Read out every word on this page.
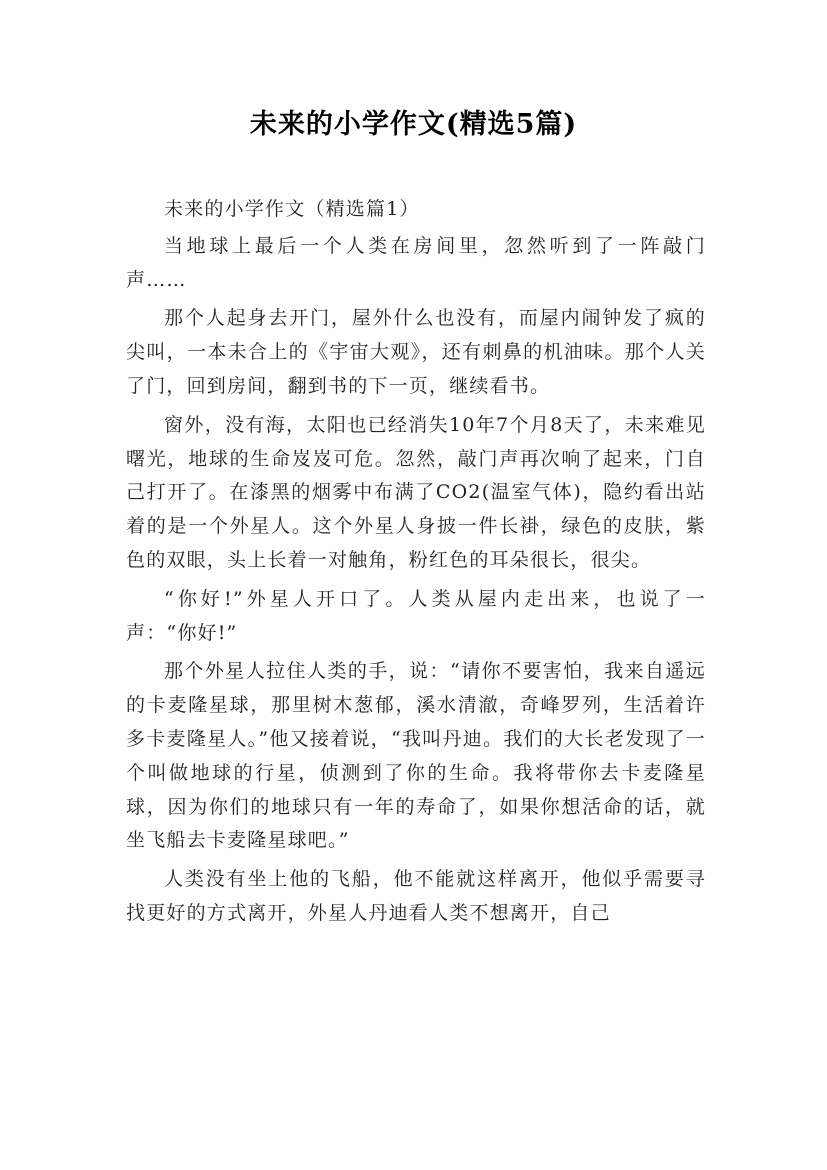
未来的小学作文(精选5篇)

未来的小学作文（精选篇1）

当地球上最后一个人类在房间里，忽然听到了一阵敲门声……

那个人起身去开门，屋外什么也没有，而屋内闹钟发了疯的尖叫，一本未合上的《宇宙大观》，还有刺鼻的机油味。那个人关了门，回到房间，翻到书的下一页，继续看书。

窗外，没有海，太阳也已经消失10年7个月8天了，未来难见曙光，地球的生命岌岌可危。忽然，敲门声再次响了起来，门自己打开了。在漆黑的烟雾中布满了CO2(温室气体)，隐约看出站着的是一个外星人。这个外星人身披一件长褂，绿色的皮肤，紫色的双眼，头上长着一对触角，粉红色的耳朵很长，很尖。

“你好!”外星人开口了。人类从屋内走出来，也说了一声：“你好!”

那个外星人拉住人类的手，说：“请你不要害怕，我来自遥远的卡麦隆星球，那里树木葱郁，溪水清澈，奇峰罗列，生活着许多卡麦隆星人。”他又接着说，“我叫丹迪。我们的大长老发现了一个叫做地球的行星，侦测到了你的生命。我将带你去卡麦隆星球，因为你们的地球只有一年的寿命了，如果你想活命的话，就坐飞船去卡麦隆星球吧。”

人类没有坐上他的飞船，他不能就这样离开，他似乎需要寻找更好的方式离开，外星人丹迪看人类不想离开，自己
